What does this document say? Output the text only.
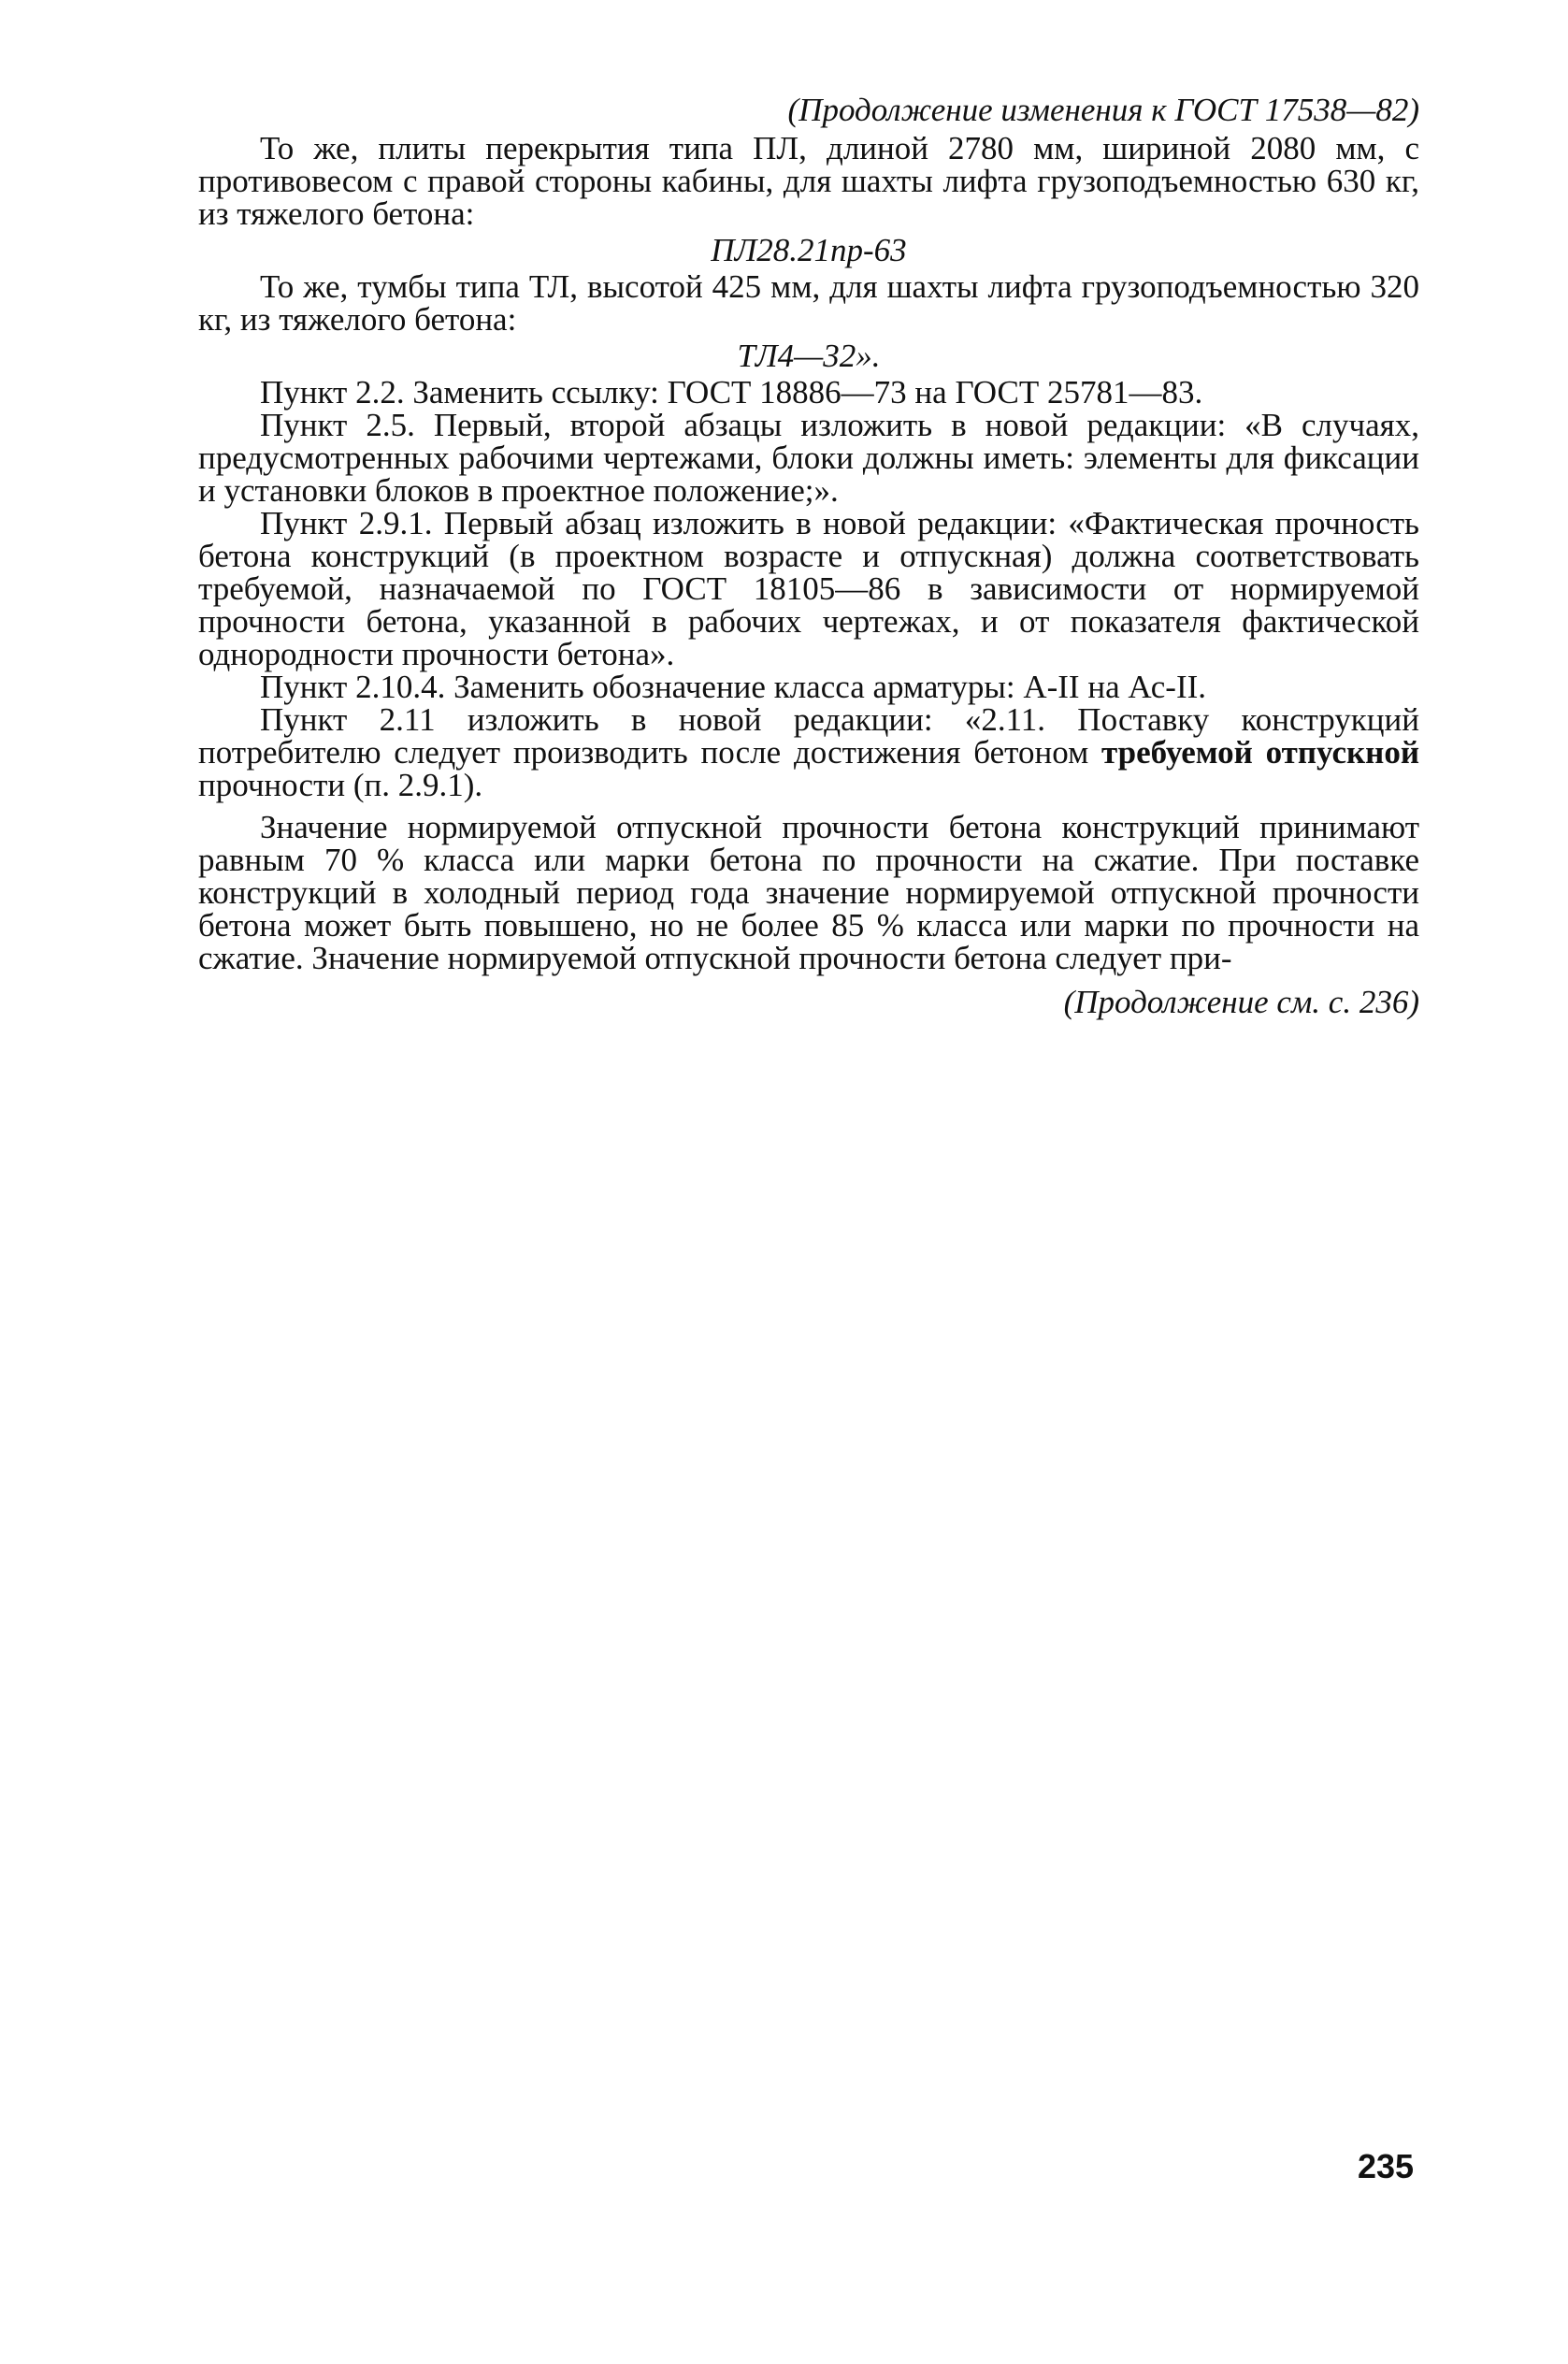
(Продолжение изменения к ГОСТ 17538—82)

То же, плиты перекрытия типа ПЛ, длиной 2780 мм, шириной 2080 мм, с противовесом с правой стороны кабины, для шахты лифта грузоподъемностью 630 кг, из тяжелого бетона:

ПЛ28.21пр-63

То же, тумбы типа ТЛ, высотой 425 мм, для шахты лифта грузоподъемностью 320 кг, из тяжелого бетона:

ТЛ4—32».

Пункт 2.2. Заменить ссылку: ГОСТ 18886—73 на ГОСТ 25781—83.

Пункт 2.5. Первый, второй абзацы изложить в новой редакции: «В случаях, предусмотренных рабочими чертежами, блоки должны иметь: элементы для фиксации и установки блоков в проектное положение;».

Пункт 2.9.1. Первый абзац изложить в новой редакции: «Фактическая прочность бетона конструкций (в проектном возрасте и отпускная) должна соответствовать требуемой, назначаемой по ГОСТ 18105—86 в зависимости от нормируемой прочности бетона, указанной в рабочих чертежах, и от показателя фактической однородности прочности бетона».

Пункт 2.10.4. Заменить обозначение класса арматуры: А-II на Ас-II.

Пункт 2.11 изложить в новой редакции: «2.11. Поставку конструкций потребителю следует производить после достижения бетоном требуемой отпускной прочности (п. 2.9.1).

Значение нормируемой отпускной прочности бетона конструкций принимают равным 70 % класса или марки бетона по прочности на сжатие. При поставке конструкций в холодный период года значение нормируемой отпускной прочности бетона может быть повышено, но не более 85 % класса или марки по прочности на сжатие. Значение нормируемой отпускной прочности бетона следует при-

(Продолжение см. с. 236)
235
